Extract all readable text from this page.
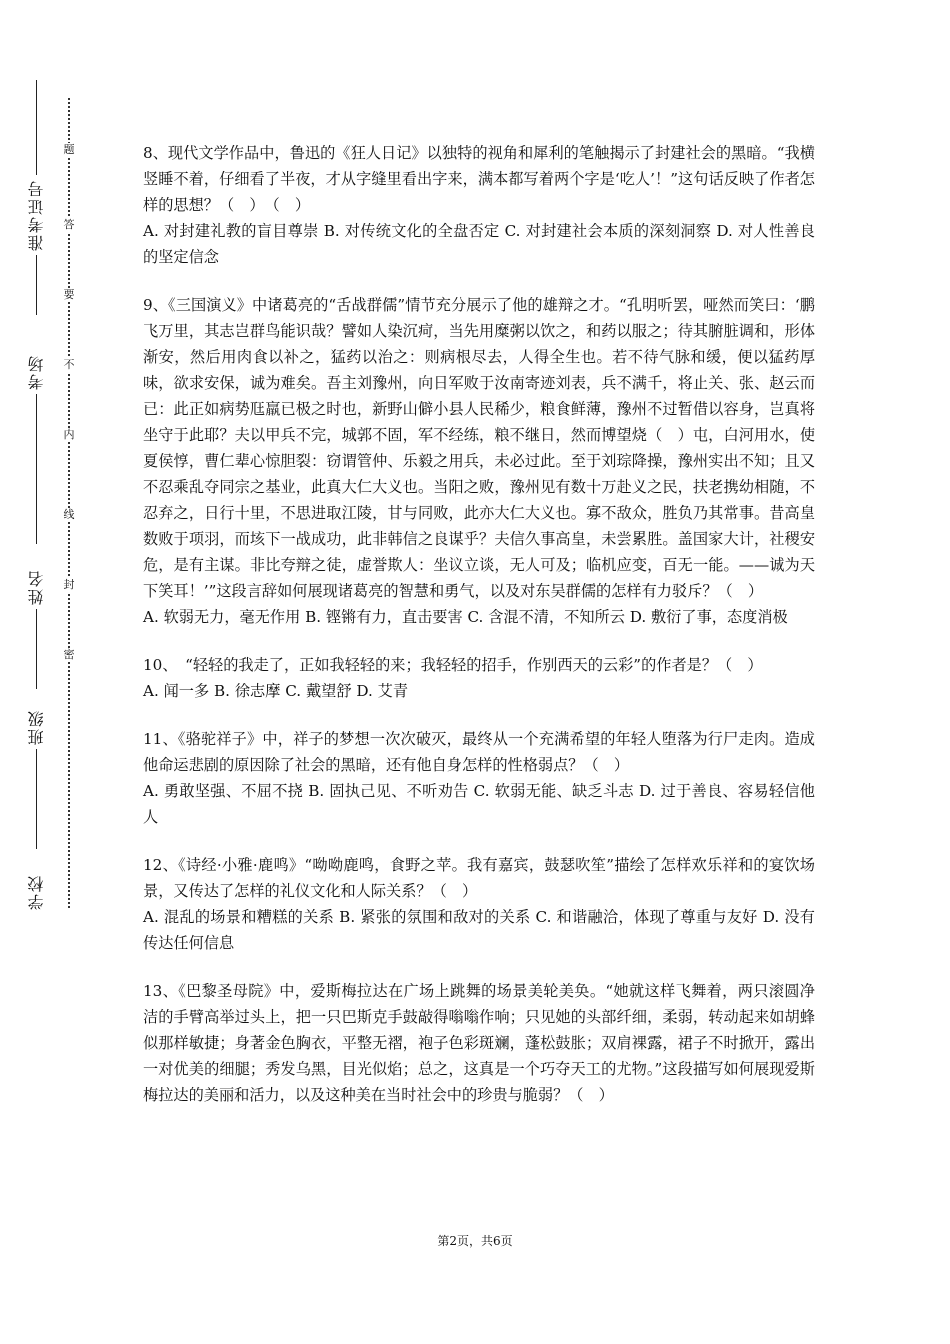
准考证号
考场
姓名
班级
学校
密
封
线
内
不
要
答
题	8、现代文学作品中，鲁迅的《狂人日记》以独特的视角和犀利的笔触揭示了封建社会的黑暗。“我横竖睡不着，仔细看了半夜，才从字缝里看出字来，满本都写着两个字是‘吃人’！”这句话反映了作者怎样的思想？（　）　（　）

A. 对封建礼教的盲目尊崇 B. 对传统文化的全盘否定 C. 对封建社会本质的深刻洞察 D. 对人性善良的坚定信念

9、《三国演义》中诸葛亮的“舌战群儒”情节充分展示了他的雄辩之才。“孔明听罢，哑然而笑曰：‘鹏飞万里，其志岂群鸟能识哉？譬如人染沉疴，当先用糜粥以饮之，和药以服之；待其腑脏调和，形体渐安，然后用肉食以补之，猛药以治之：则病根尽去，人得全生也。若不待气脉和缓，便以猛药厚味，欲求安保，诚为难矣。吾主刘豫州，向日军败于汝南寄迹刘表，兵不满千，将止关、张、赵云而已：此正如病势尫羸已极之时也，新野山僻小县人民稀少，粮食鲜薄，豫州不过暂借以容身，岂真将坐守于此耶？夫以甲兵不完，城郭不固，军不经练，粮不继日，然而博望烧（　）屯，白河用水，使夏侯惇，曹仁辈心惊胆裂：窃谓管仲、乐毅之用兵，未必过此。至于刘琮降操，豫州实出不知；且又不忍乘乱夺同宗之基业，此真大仁大义也。当阳之败，豫州见有数十万赴义之民，扶老携幼相随，不忍弃之，日行十里，不思进取江陵，甘与同败，此亦大仁大义也。寡不敌众，胜负乃其常事。昔高皇数败于项羽，而垓下一战成功，此非韩信之良谋乎？夫信久事高皇，未尝累胜。盖国家大计，社稷安危，是有主谋。非比夸辩之徒，虚誉欺人：坐议立谈，无人可及；临机应变，百无一能。——诚为天下笑耳！’”这段言辞如何展现诸葛亮的智慧和勇气，以及对东吴群儒的怎样有力驳斥？（　）

A. 软弱无力，毫无作用 B. 铿锵有力，直击要害 C. 含混不清，不知所云 D. 敷衍了事，态度消极

10、　“轻轻的我走了，正如我轻轻的来；我轻轻的招手，作别西天的云彩”的作者是？（　）

A. 闻一多 B. 徐志摩 C. 戴望舒 D. 艾青

11、《骆驼祥子》中，祥子的梦想一次次破灭，最终从一个充满希望的年轻人堕落为行尸走肉。造成他命运悲剧的原因除了社会的黑暗，还有他自身怎样的性格弱点？（　）

A. 勇敢坚强、不屈不挠 B. 固执己见、不听劝告 C. 软弱无能、缺乏斗志 D. 过于善良、容易轻信他人

12、《诗经·小雅·鹿鸣》“呦呦鹿鸣，食野之苹。我有嘉宾，鼓瑟吹笙”描绘了怎样欢乐祥和的宴饮场景，又传达了怎样的礼仪文化和人际关系？（　）

A. 混乱的场景和糟糕的关系 B. 紧张的氛围和敌对的关系 C. 和谐融洽，体现了尊重与友好 D. 没有传达任何信息

13、《巴黎圣母院》中，爱斯梅拉达在广场上跳舞的场景美轮美奂。“她就这样飞舞着，两只滚圆净洁的手臂高举过头上，把一只巴斯克手鼓敲得嗡嗡作响；只见她的头部纤细，柔弱，转动起来如胡蜂似那样敏捷；身著金色胸衣，平整无褶，袍子色彩斑斓，蓬松鼓胀；双肩裸露，裙子不时掀开，露出一对优美的细腿；秀发乌黑，目光似焰；总之，这真是一个巧夺天工的尤物。”这段描写如何展现爱斯梅拉达的美丽和活力，以及这种美在当时社会中的珍贵与脆弱？（　）

第2页，共6页
